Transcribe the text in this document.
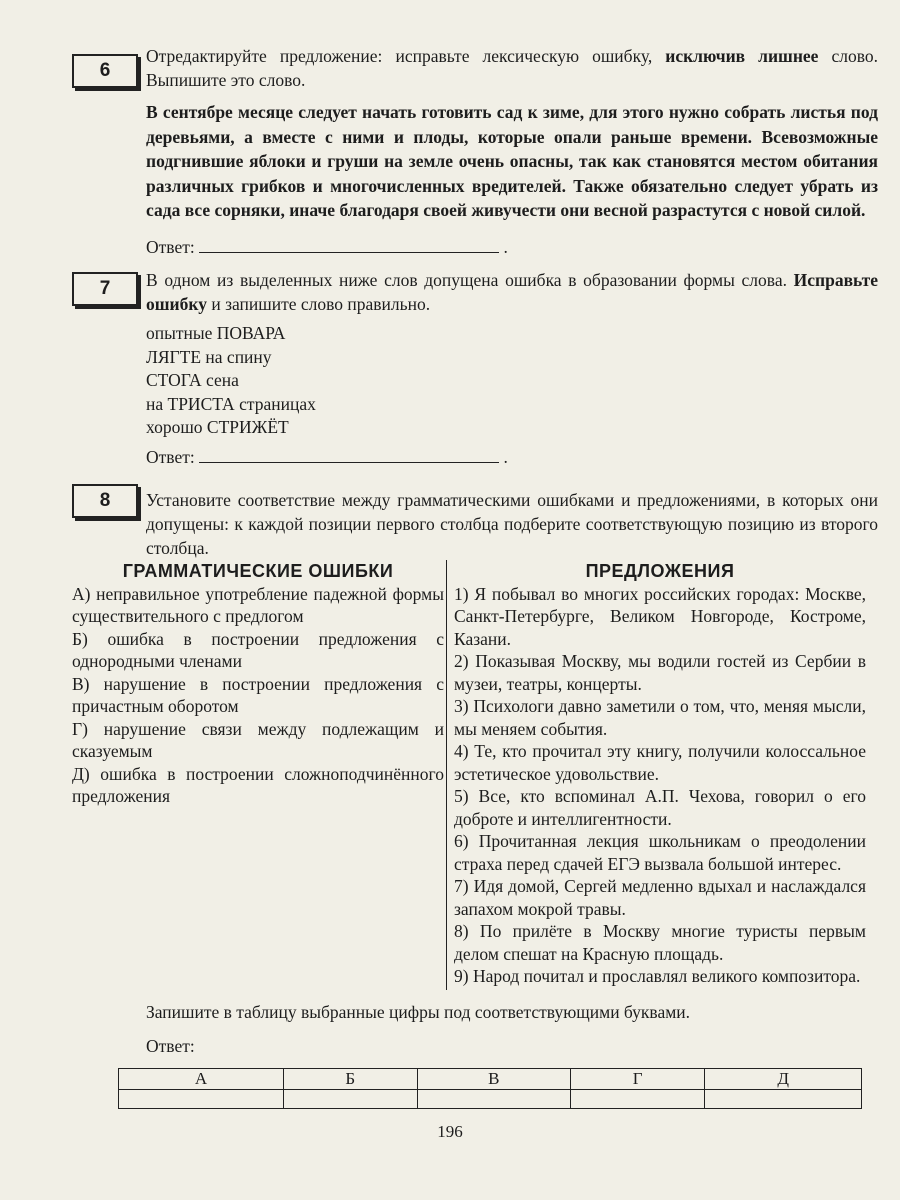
6
Отредактируйте предложение: исправьте лексическую ошибку, исключив лишнее слово. Выпишите это слово.
В сентябре месяце следует начать готовить сад к зиме, для этого нужно собрать листья под деревьями, а вместе с ними и плоды, которые опали раньше времени. Всевозможные подгнившие яблоки и груши на земле очень опасны, так как становятся местом обитания различных грибков и многочисленных вредителей. Также обязательно следует убрать из сада все сорняки, иначе благодаря своей живучести они весной разрастутся с новой силой.
Ответ:	.
7	В одном из выделенных ниже слов допущена ошибка в образовании формы слова. Исправьте ошибку и запишите слово правильно.
опытные ПОВАРА
ЛЯГТЕ на спину
СТОГА сена
на ТРИСТА страницах
хорошо СТРИЖЁТ
Ответ:	.
8	Установите соответствие между грамматическими ошибками и предложениями, в которых они допущены: к каждой позиции первого столбца подберите соответствующую позицию из второго столбца.
ГРАММАТИЧЕСКИЕ ОШИБКИ
А) неправильное употребление падежной формы существительного с предлогом
Б) ошибка в построении предложения с однородными членами
В) нарушение в построении предложения с причастным оборотом
Г) нарушение связи между подлежащим и сказуемым
Д) ошибка в построении сложноподчинённого предложения
ПРЕДЛОЖЕНИЯ
1) Я побывал во многих российских городах: Москве, Санкт-Петербурге, Великом Новгороде, Костроме, Казани.
2) Показывая Москву, мы водили гостей из Сербии в музеи, театры, концерты.
3) Психологи давно заметили о том, что, меняя мысли, мы меняем события.
4) Те, кто прочитал эту книгу, получили колоссальное эстетическое удовольствие.
5) Все, кто вспоминал А.П. Чехова, говорил о его доброте и интеллигентности.
6) Прочитанная лекция школьникам о преодолении страха перед сдачей ЕГЭ вызвала большой интерес.
7) Идя домой, Сергей медленно вдыхал и наслаждался запахом мокрой травы.
8) По прилёте в Москву многие туристы первым делом спешат на Красную площадь.
9) Народ почитал и прославлял великого композитора.
Запишите в таблицу выбранные цифры под соответствующими буквами.
Ответ:
А	Б	В	Г	Д

196
